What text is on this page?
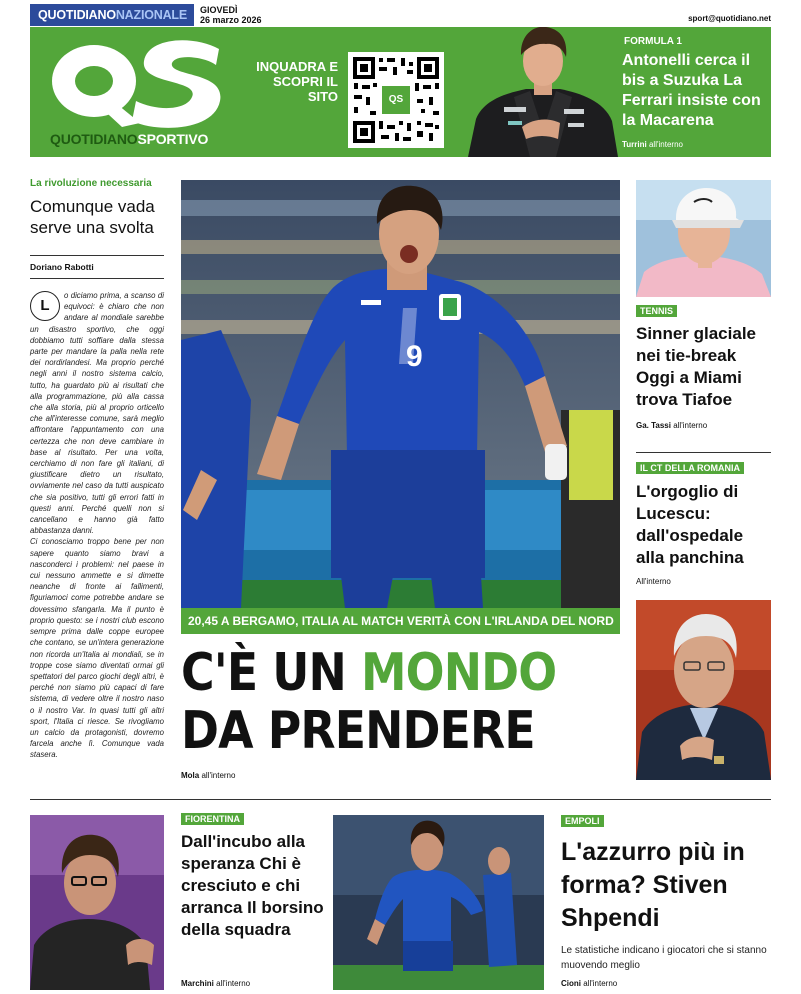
QUOTIDIANONAZIONALE	GIOVEDÌ
26 marzo 2026	sport@quotidiano.net
QUOTIDIANOSPORTIVO
INQUADRA E SCOPRI IL SITO	QS
FORMULA 1
Antonelli cerca il bis a Suzuka La Ferrari insiste con la Macarena
Turrini all'interno
La rivoluzione necessaria
Comunque vada serve una svolta
Doriano Rabotti
o diciamo prima, a scanso di equivoci: è chiaro che non andare al mondiale sarebbe un disastro sportivo, che oggi dobbiamo tutti soffiare dalla stessa parte per mandare la palla nella rete dei nordirlandesi. Ma proprio perché negli anni il nostro sistema calcio, tutto, ha guardato più ai risultati che alla programmazione, più alla cassa che alla storia, più al proprio orticello che all'interesse comune, sarà meglio affrontare l'appuntamento con una certezza che non deve cambiare in base al risultato. Per una volta, cerchiamo di non fare gli italiani, di giustificare dietro un risultato, ovviamente nel caso da tutti auspicato che sia positivo, tutti gli errori fatti in questi anni. Perché quelli non si cancellano e hanno già fatto abbastanza danni.
Ci conosciamo troppo bene per non sapere quanto siamo bravi a nasconderci i problemi: nel paese in cui nessuno ammette e si dimette neanche di fronte ai fallimenti, figuriamoci come potrebbe andare se dovessimo sfangarla. Ma il punto è proprio questo: se i nostri club escono sempre prima dalle coppe europee che contano, se un'intera generazione non ricorda un'Italia ai mondiali, se in troppe cose siamo diventati ormai gli spettatori del parco giochi degli altri, è perché non siamo più capaci di fare sistema, di vedere oltre il nostro naso o il nostro Var. In quasi tutti gli altri sport, l'Italia ci riesce. Se rivogliamo un calcio da protagonisti, dovremo farcela anche lì. Comunque vada stasera.
L
9
20,45 A BERGAMO, ITALIA AL MATCH VERITÀ CON L'IRLANDA DEL NORD
C'È UN MONDO
DA PRENDERE
Mola all'interno
TENNIS
Sinner glaciale nei tie-break Oggi a Miami trova Tiafoe
Ga. Tassi all'interno
IL CT DELLA ROMANIA
L'orgoglio di Lucescu: dall'ospedale alla panchina
All'interno
FIORENTINA
Dall'incubo alla speranza Chi è cresciuto e chi arranca Il borsino della squadra
Marchini all'interno
EMPOLI
L'azzurro più in forma? Stiven Shpendi
Le statistiche indicano i giocatori che si stanno muovendo meglio
Cioni all'interno
